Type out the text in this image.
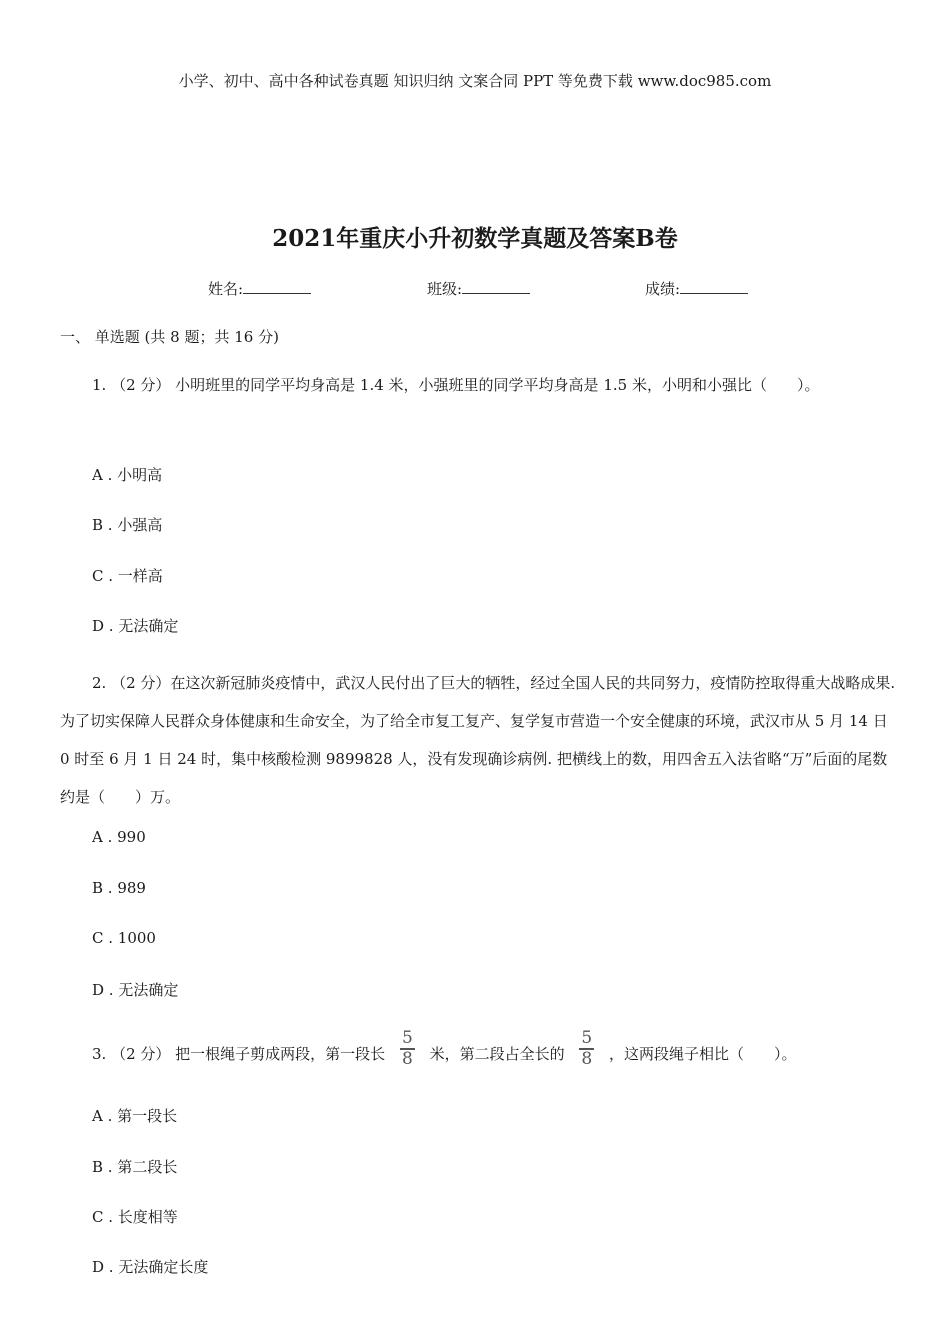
小学、初中、高中各种试卷真题 知识归纳 文案合同 PPT 等免费下载 www.doc985.com
2021年重庆小升初数学真题及答案B卷
姓名:	班级:	成绩:
一、 单选题 (共 8 题；共 16 分)
1. （2 分） 小明班里的同学平均身高是 1.4 米，小强班里的同学平均身高是 1.5 米，小明和小强比（　　）。
A . 小明高
B . 小强高
C . 一样高
D . 无法确定
2. （2 分）在这次新冠肺炎疫情中，武汉人民付出了巨大的牺牲，经过全国人民的共同努力，疫情防控取得重大战略成果. 为了切实保障人民群众身体健康和生命安全，为了给全市复工复产、复学复市营造一个安全健康的环境，武汉市从 5 月 14 日 0 时至 6 月 1 日 24 时，集中核酸检测 9899828 人，没有发现确诊病例. 把横线上的数，用四舍五入法省略“万”后面的尾数约是（　　）万。
A . 990
B . 989
C . 1000
D . 无法确定
3. （2 分） 把一根绳子剪成两段，第一段长 $\frac{5}{8}$ 米，第二段占全长的 $\frac{5}{8}$ ，这两段绳子相比（　　）。
A . 第一段长
B . 第二段长
C . 长度相等
D . 无法确定长度
